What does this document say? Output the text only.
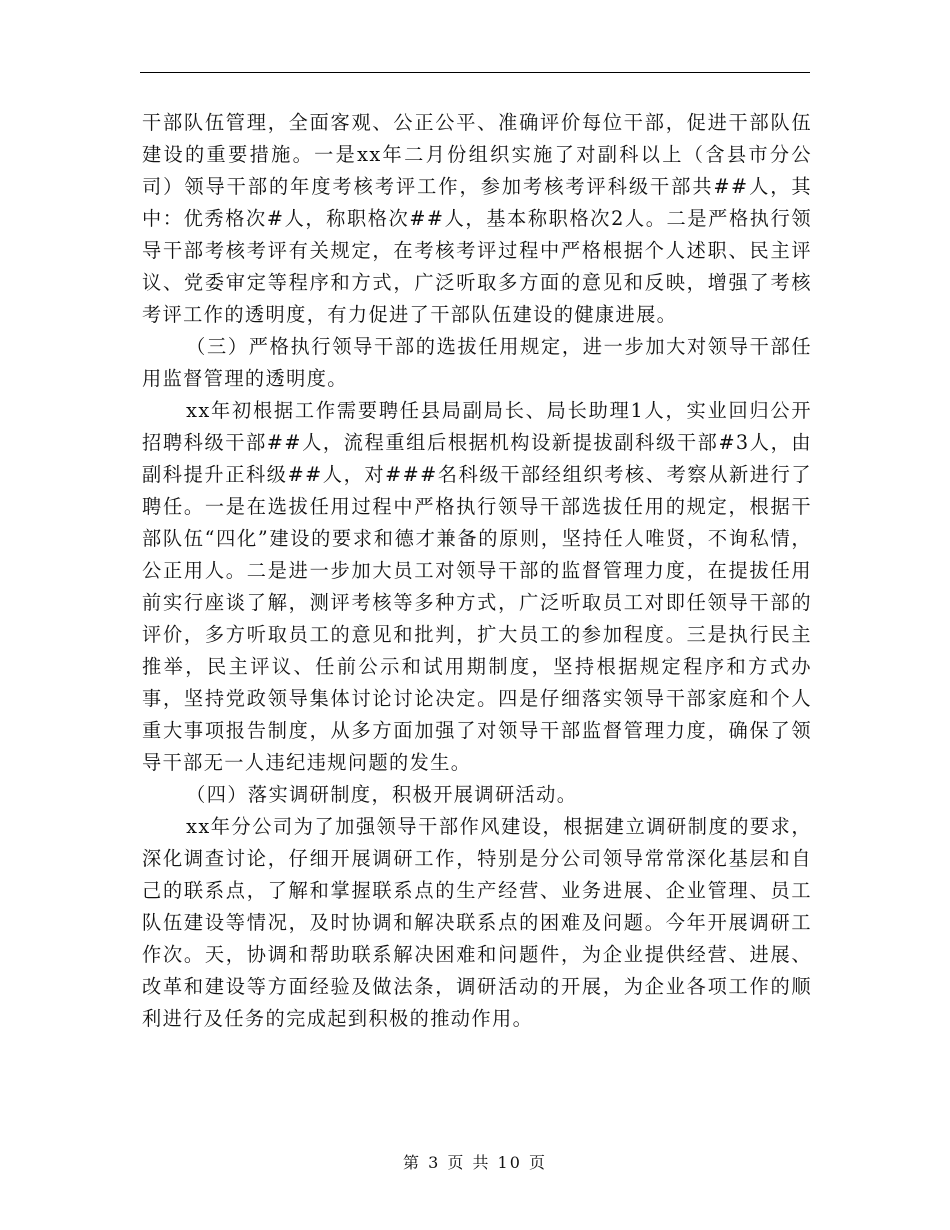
干部队伍管理，全面客观、公正公平、准确评价每位干部，促进干部队伍建设的重要措施。一是xx年二月份组织实施了对副科以上（含县市分公司）领导干部的年度考核考评工作，参加考核考评科级干部共##人，其中：优秀格次#人，称职格次##人，基本称职格次2人。二是严格执行领导干部考核考评有关规定，在考核考评过程中严格根据个人述职、民主评议、党委审定等程序和方式，广泛听取多方面的意见和反映，增强了考核考评工作的透明度，有力促进了干部队伍建设的健康进展。

（三）严格执行领导干部的选拔任用规定，进一步加大对领导干部任用监督管理的透明度。

xx年初根据工作需要聘任县局副局长、局长助理1人，实业回归公开招聘科级干部##人，流程重组后根据机构设新提拔副科级干部#3人，由副科提升正科级##人，对###名科级干部经组织考核、考察从新进行了聘任。一是在选拔任用过程中严格执行领导干部选拔任用的规定，根据干部队伍“四化”建设的要求和德才兼备的原则，坚持任人唯贤，不询私情，公正用人。二是进一步加大员工对领导干部的监督管理力度，在提拔任用前实行座谈了解，测评考核等多种方式，广泛听取员工对即任领导干部的评价，多方听取员工的意见和批判，扩大员工的参加程度。三是执行民主推举，民主评议、任前公示和试用期制度，坚持根据规定程序和方式办事，坚持党政领导集体讨论讨论决定。四是仔细落实领导干部家庭和个人重大事项报告制度，从多方面加强了对领导干部监督管理力度，确保了领导干部无一人违纪违规问题的发生。

（四）落实调研制度，积极开展调研活动。

xx年分公司为了加强领导干部作风建设，根据建立调研制度的要求，深化调查讨论，仔细开展调研工作，特别是分公司领导常常深化基层和自己的联系点，了解和掌握联系点的生产经营、业务进展、企业管理、员工队伍建设等情况，及时协调和解决联系点的困难及问题。今年开展调研工作次。天，协调和帮助联系解决困难和问题件，为企业提供经营、进展、改革和建设等方面经验及做法条，调研活动的开展，为企业各项工作的顺利进行及任务的完成起到积极的推动作用。

第 3 页 共 10 页
